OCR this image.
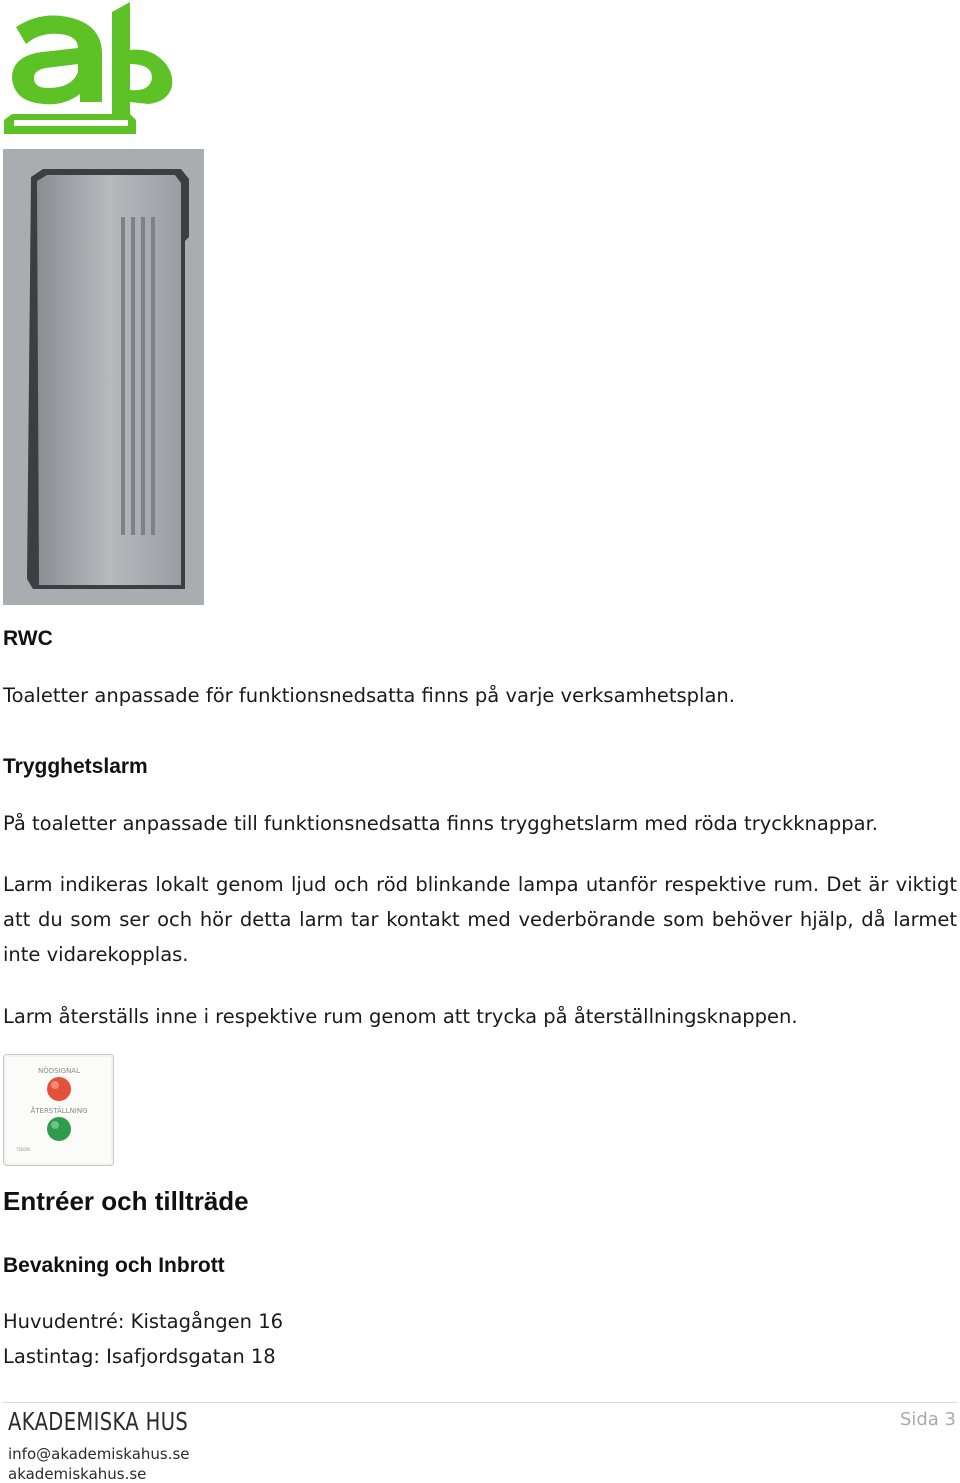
RWC
Toaletter anpassade för funktionsnedsatta finns på varje verksamhetsplan.
Trygghetslarm
På toaletter anpassade till funktionsnedsatta finns trygghetslarm med röda tryckknappar.
Larm indikeras lokalt genom ljud och röd blinkande lampa utanför respektive rum. Det är viktigt att du som ser och hör detta larm tar kontakt med vederbörande som behöver hjälp, då larmet inte vidarekopplas.
Larm återställs inne i respektive rum genom att trycka på återställningsknappen.
NÖDSIGNAL
ÅTERSTÄLLNING
TEBOXI
Entréer och tillträde
Bevakning och Inbrott
Huvudentré: Kistagången 16
Lastintag: Isafjordsgatan 18
AKADEMISKA HUS
info@akademiskahus.se
akademiskahus.se
Sida 3
